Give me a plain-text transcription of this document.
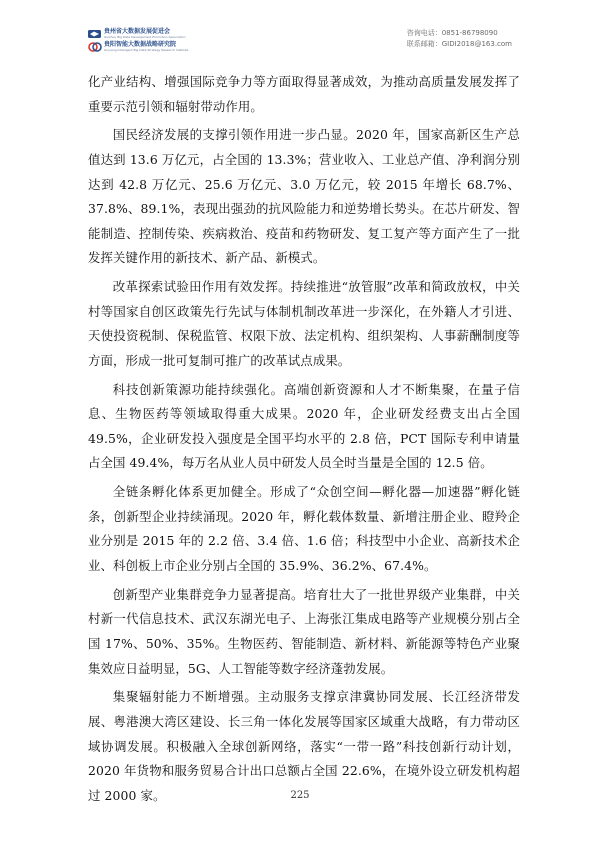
贵州省大数据发展促进会
Guizhou Big Data Development Promotion Association
贵阳智能大数据战略研究院
Guiyang Intelligent Big Data Strategy Research Institute
咨询电话：0851-86798090
联系邮箱：GIDI2018@163.com

化产业结构、增强国际竞争力等方面取得显著成效，为推动高质量发展发挥了重要示范引领和辐射带动作用。

国民经济发展的支撑引领作用进一步凸显。2020 年，国家高新区生产总值达到 13.6 万亿元，占全国的 13.3%；营业收入、工业总产值、净利润分别达到 42.8 万亿元、25.6 万亿元、3.0 万亿元，较 2015 年增长 68.7%、37.8%、89.1%，表现出强劲的抗风险能力和逆势增长势头。在芯片研发、智能制造、控制传染、疾病救治、疫苗和药物研发、复工复产等方面产生了一批发挥关键作用的新技术、新产品、新模式。

改革探索试验田作用有效发挥。持续推进“放管服”改革和简政放权，中关村等国家自创区政策先行先试与体制机制改革进一步深化，在外籍人才引进、天使投资税制、保税监管、权限下放、法定机构、组织架构、人事薪酬制度等方面，形成一批可复制可推广的改革试点成果。

科技创新策源功能持续强化。高端创新资源和人才不断集聚，在量子信息、生物医药等领域取得重大成果。2020 年，企业研发经费支出占全国 49.5%，企业研发投入强度是全国平均水平的 2.8 倍，PCT 国际专利申请量占全国 49.4%，每万名从业人员中研发人员全时当量是全国的 12.5 倍。

全链条孵化体系更加健全。形成了“众创空间—孵化器—加速器”孵化链条，创新型企业持续涌现。2020 年，孵化载体数量、新增注册企业、瞪羚企业分别是 2015 年的 2.2 倍、3.4 倍、1.6 倍；科技型中小企业、高新技术企业、科创板上市企业分别占全国的 35.9%、36.2%、67.4%。

创新型产业集群竞争力显著提高。培育壮大了一批世界级产业集群，中关村新一代信息技术、武汉东湖光电子、上海张江集成电路等产业规模分别占全国 17%、50%、35%。生物医药、智能制造、新材料、新能源等特色产业聚集效应日益明显，5G、人工智能等数字经济蓬勃发展。

集聚辐射能力不断增强。主动服务支撑京津冀协同发展、长江经济带发展、粤港澳大湾区建设、长三角一体化发展等国家区域重大战略，有力带动区域协调发展。积极融入全球创新网络，落实“一带一路”科技创新行动计划，2020 年货物和服务贸易合计出口总额占全国 22.6%，在境外设立研发机构超过 2000 家。	225
